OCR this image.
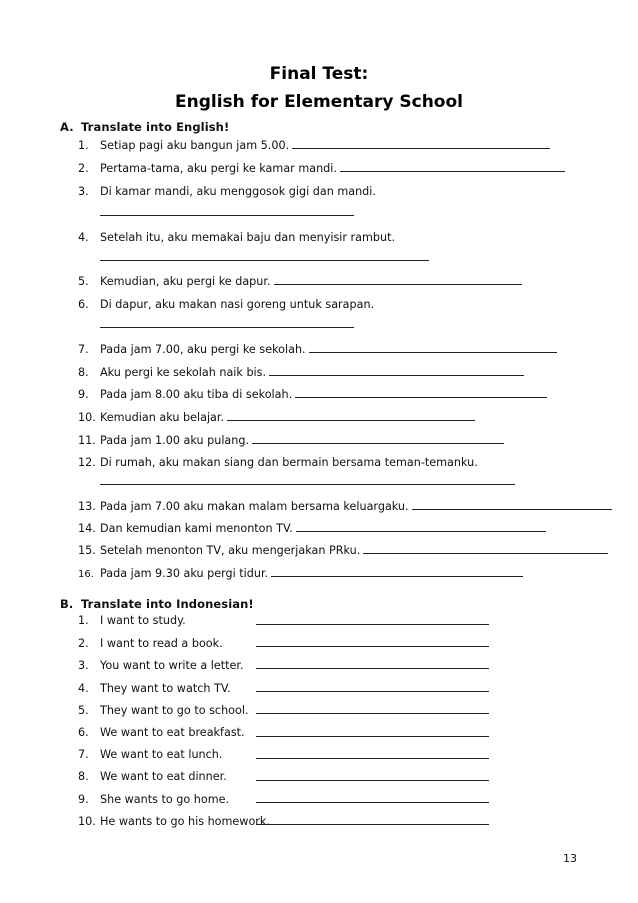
Final Test:
English for Elementary School
A. Translate into English!
1. Setiap pagi aku bangun jam 5.00.
2. Pertama-tama, aku pergi ke kamar mandi.
3. Di kamar mandi, aku menggosok gigi dan mandi.
4. Setelah itu, aku memakai baju dan menyisir rambut.
5. Kemudian, aku pergi ke dapur.
6. Di dapur, aku makan nasi goreng untuk sarapan.
7. Pada jam 7.00, aku pergi ke sekolah.
8. Aku pergi ke sekolah naik bis.
9. Pada jam 8.00 aku tiba di sekolah.
10. Kemudian aku belajar.
11. Pada jam 1.00 aku pulang.
12. Di rumah, aku makan siang dan bermain bersama teman-temanku.
13. Pada jam 7.00 aku makan malam bersama keluargaku.
14. Dan kemudian kami menonton TV.
15. Setelah menonton TV, aku mengerjakan PRku.
16. Pada jam 9.30 aku pergi tidur.
B. Translate into Indonesian!
1. I want to study.
2. I want to read a book.
3. You want to write a letter.
4. They want to watch TV.
5. They want to go to school.
6. We want to eat breakfast.
7. We want to eat lunch.
8. We want to eat dinner.
9. She wants to go home.
10. He wants to go his homework.
13
